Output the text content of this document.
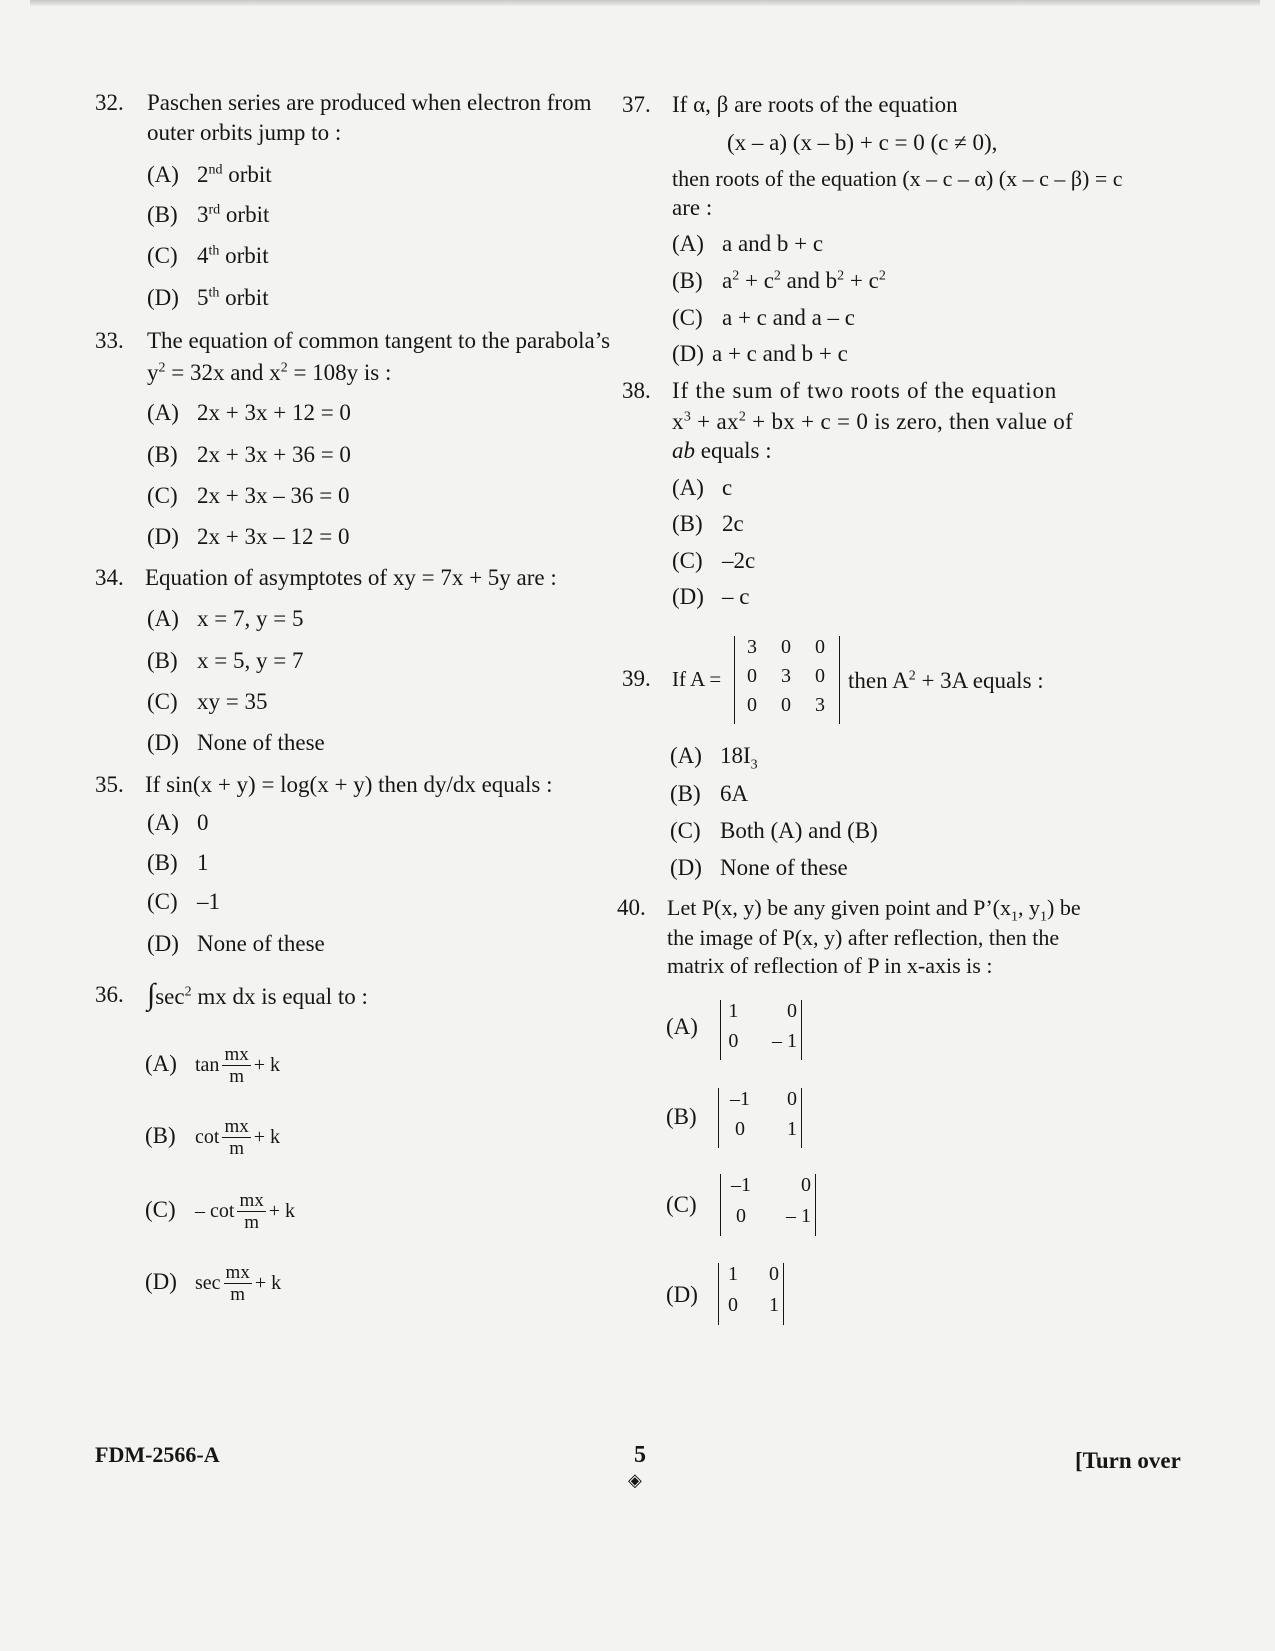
32. Paschen series are produced when electron from outer orbits jump to :
(A) 2nd orbit
(B) 3rd orbit
(C) 4th orbit
(D) 5th orbit
33. The equation of common tangent to the parabola’s
$y^2 = 32x$ and $x^2 = 108y$ is :
(A) 2x + 3x + 12 = 0
(B) 2x + 3x + 36 = 0
(C) 2x + 3x – 36 = 0
(D) 2x + 3x – 12 = 0
34. Equation of asymptotes of xy = 7x + 5y are :
(A) x = 7, y = 5
(B) x = 5, y = 7
(C) xy = 35
(D) None of these
35. If sin(x + y) = log(x + y) then dy/dx equals :
(A) 0
(B) 1
(C) –1
(D) None of these
36. $\int\sec^2$ mx dx is equal to :
(A) $\tan \frac{mx}{m} + k$
(B) $\cot \frac{mx}{m} + k$
$(C) - \cot \frac{mx}{m} + k$
(D) $\sec \frac{mx}{m} + k$
37. If α, β are roots of the equation
(x – a) (x – b) + c = 0 (c ≠ 0),
then roots of the equation (x – c – α) (x – c – β) = c
are :
(A) a and b + c
(B) $a^2 + c^2$ and $b^2 + c^2$
(C) a + c and a – c
(D) a + c and b + c
38. If the sum of two roots of the equation
$x^3 + ax^2$ + bx + c = 0 is zero, then value of
ab equals :
(A) c
(B) 2c
(C) –2c
(D) – c
39. If A =
3	0	0
0	3	0
0	0	3
then $A^2 + 3A$ equals :
(A) $18I_3$
(B) 6A
(C) Both (A) and (B)
(D) None of these
40. Let P(x, y) be any given point and $P’(x_1$, $y_1$) be
the image of P(x, y) after reflection, then the
matrix of reflection of P in x-axis is :
(A)
1	0
0	– 1
(B)
–1	0
0	1
(C)
–1	0
0	– 1
(D)
1	0
0	1
FDM-2566-A	5
◈
[Turn over
